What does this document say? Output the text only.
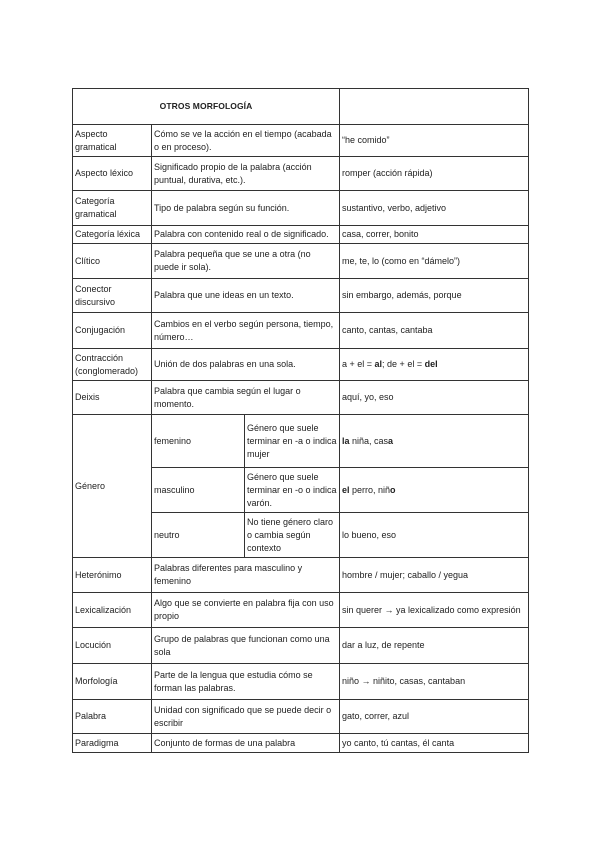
OTROS MORFOLOGÍA			
Aspecto gramatical	Cómo se ve la acción en el tiempo (acabada o en proceso).		“he comido”
Aspecto léxico	Significado propio de la palabra (acción puntual, durativa, etc.).		romper (acción rápida)
Categoría gramatical	Tipo de palabra según su función.		sustantivo, verbo, adjetivo
Categoría léxica	Palabra con contenido real o de significado.		casa, correr, bonito
Clítico	Palabra pequeña que se une a otra (no puede ir sola).		me, te, lo (como en “dámelo”)
Conector discursivo	Palabra que une ideas en un texto.		sin embargo, además, porque
Conjugación	Cambios en el verbo según persona, tiempo, número…		canto, cantas, cantaba
Contracción (conglomerado)	Unión de dos palabras en una sola.		a + el = al; de + el = del
Deixis	Palabra que cambia según el lugar o momento.		aquí, yo, eso
Género	femenino	Género que suele terminar en -a o indica mujer	la niña, casa
	masculino	Género que suele terminar en -o o indica varón.	el perro, niño
	neutro	No tiene género claro o cambia según contexto	lo bueno, eso
Heterónimo	Palabras diferentes para masculino y femenino		hombre / mujer; caballo / yegua
Lexicalización	Algo que se convierte en palabra fija con uso propio		sin querer → ya lexicalizado como expresión
Locución	Grupo de palabras que funcionan como una sola		dar a luz, de repente
Morfología	Parte de la lengua que estudia cómo se forman las palabras.		niño → niñito, casas, cantaban
Palabra	Unidad con significado que se puede decir o escribir		gato, correr, azul
Paradigma	Conjunto de formas de una palabra		yo canto, tú cantas, él canta
